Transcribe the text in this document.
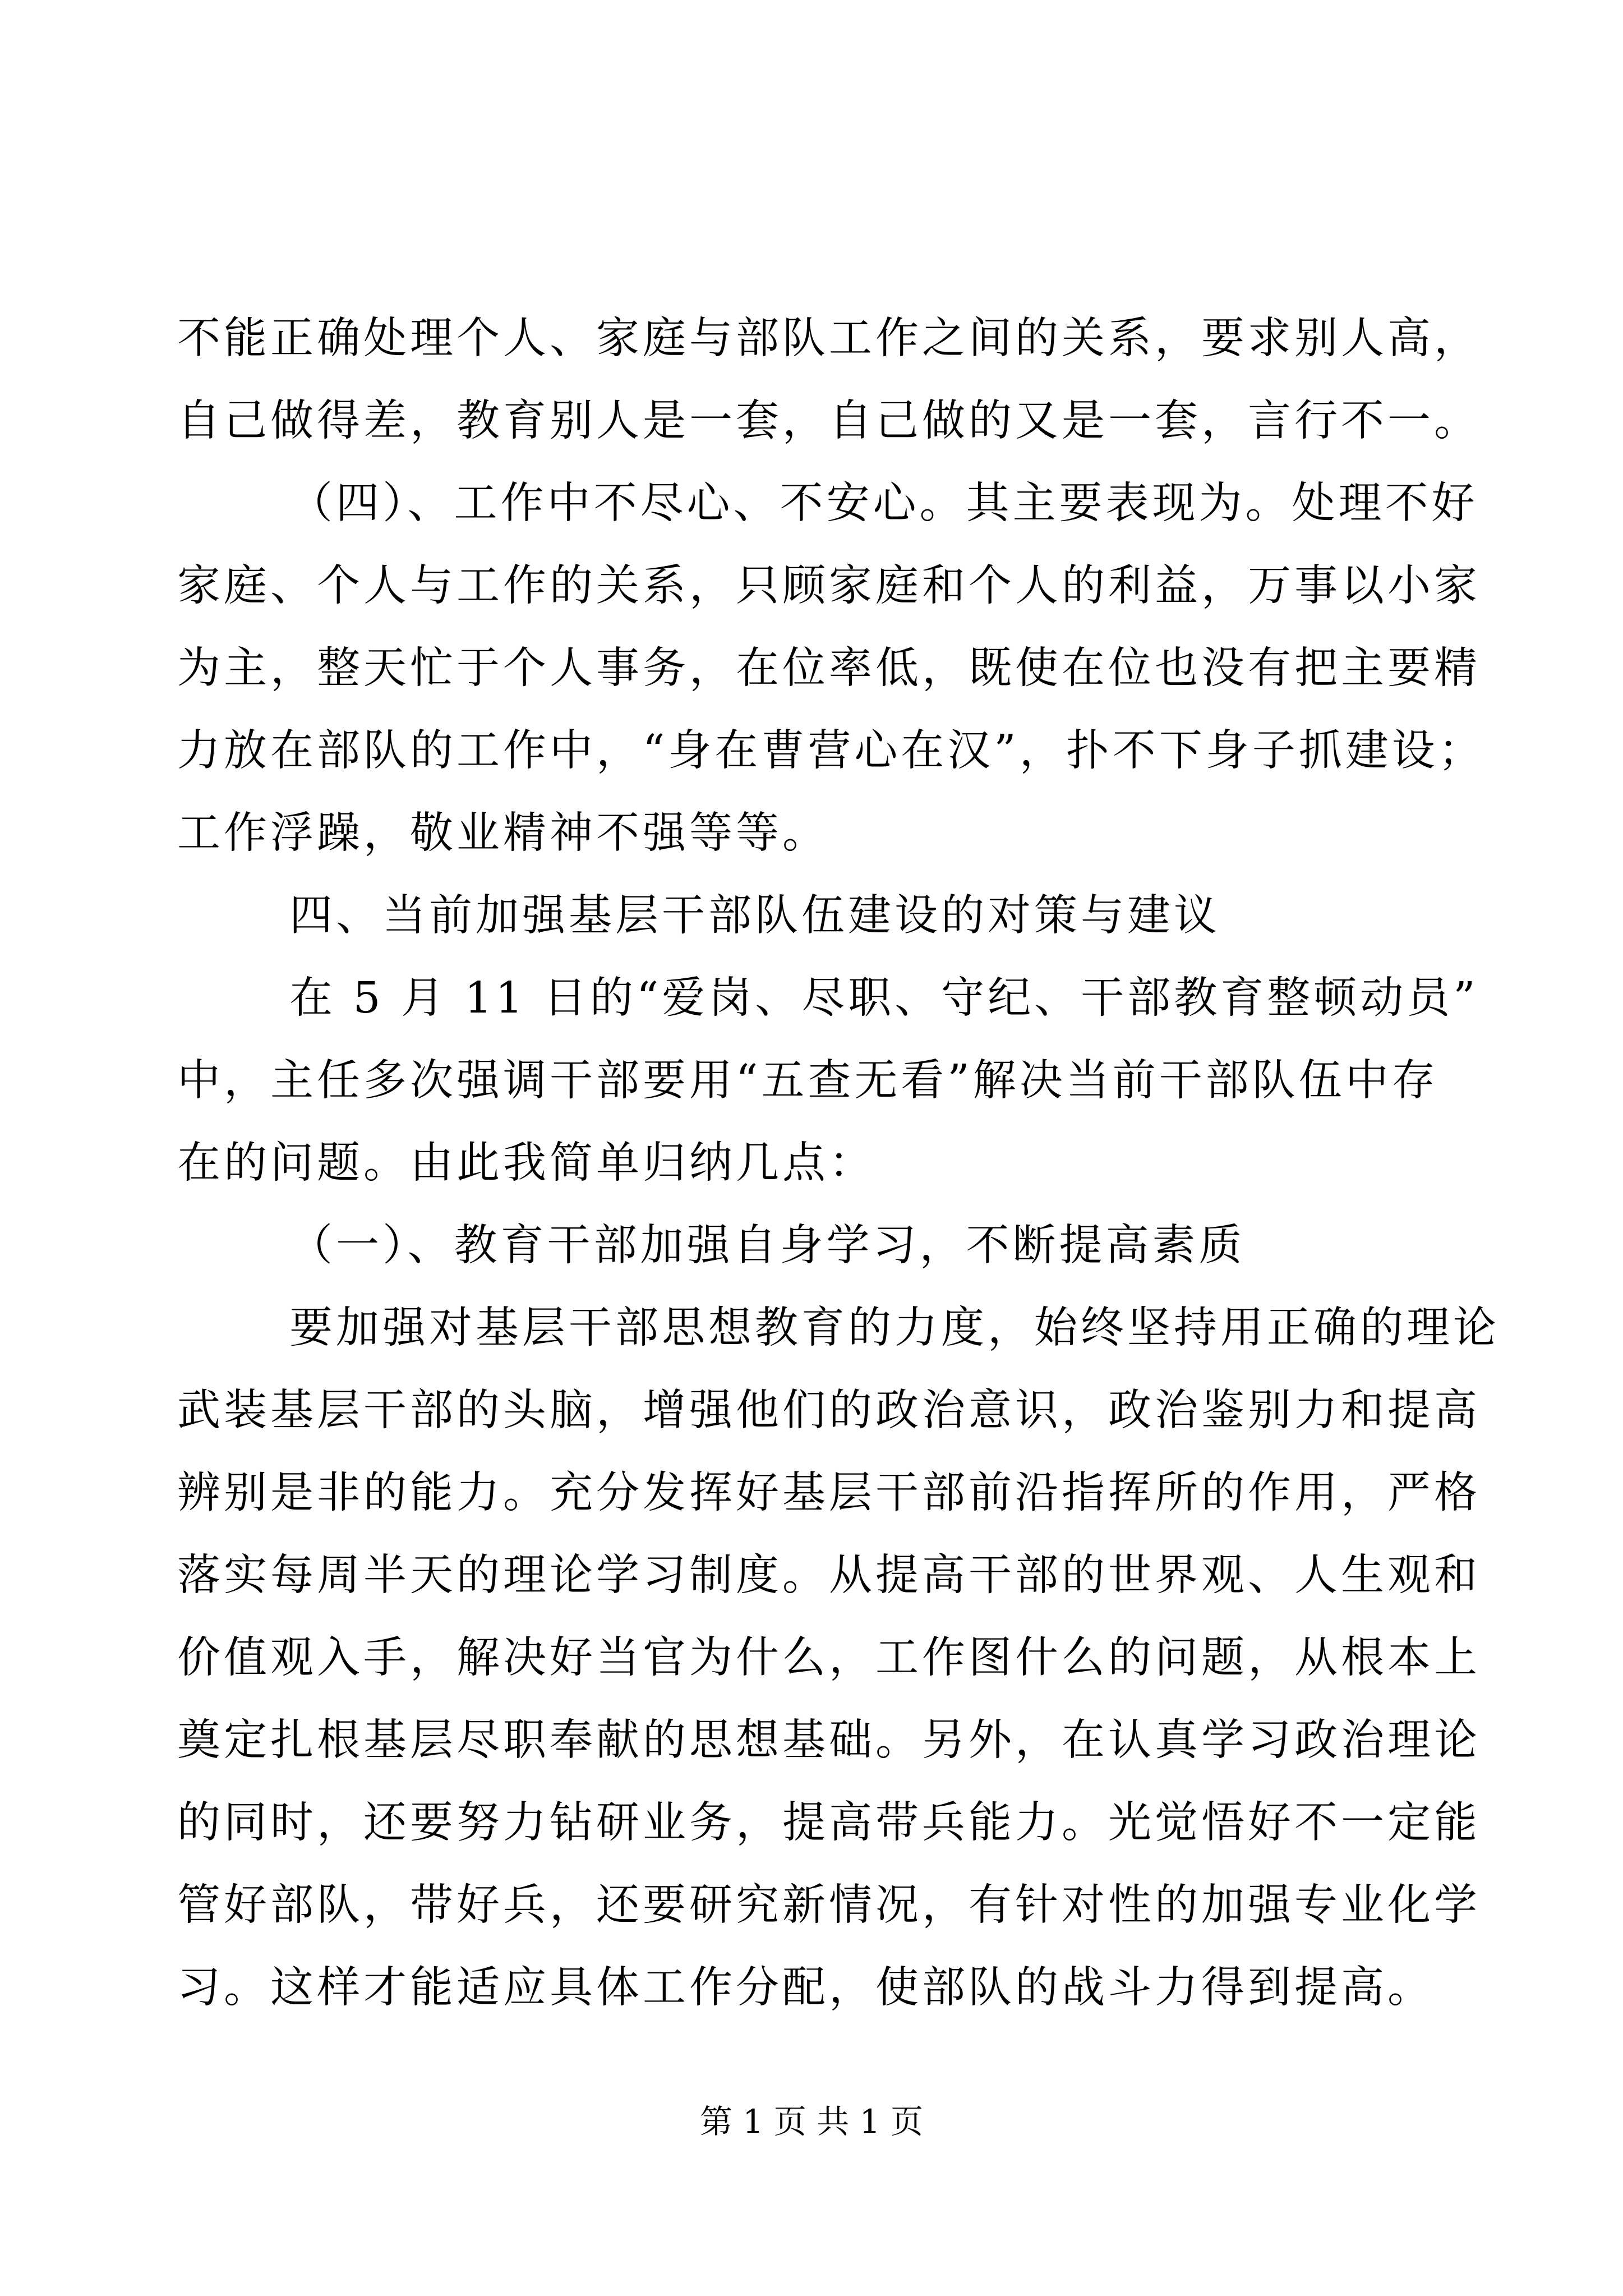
不能正确处理个人、家庭与部队工作之间的关系，要求别人高，
自己做得差，教育别人是一套，自己做的又是一套，言行不一。
（四）、工作中不尽心、不安心。其主要表现为。处理不好
家庭、个人与工作的关系，只顾家庭和个人的利益，万事以小家
为主，整天忙于个人事务，在位率低，既使在位也没有把主要精
力放在部队的工作中，“身在曹营心在汉”，扑不下身子抓建设；
工作浮躁，敬业精神不强等等。
四、当前加强基层干部队伍建设的对策与建议
在 5 月 11 日的“爱岗、尽职、守纪、干部教育整顿动员”
中，主任多次强调干部要用“五查无看”解决当前干部队伍中存
在的问题。由此我简单归纳几点：
（一）、教育干部加强自身学习，不断提高素质
要加强对基层干部思想教育的力度，始终坚持用正确的理论
武装基层干部的头脑，增强他们的政治意识，政治鉴别力和提高
辨别是非的能力。充分发挥好基层干部前沿指挥所的作用，严格
落实每周半天的理论学习制度。从提高干部的世界观、人生观和
价值观入手，解决好当官为什么，工作图什么的问题，从根本上
奠定扎根基层尽职奉献的思想基础。另外，在认真学习政治理论
的同时，还要努力钻研业务，提高带兵能力。光觉悟好不一定能
管好部队，带好兵，还要研究新情况，有针对性的加强专业化学
习。这样才能适应具体工作分配，使部队的战斗力得到提高。
第 1 页 共 1 页
